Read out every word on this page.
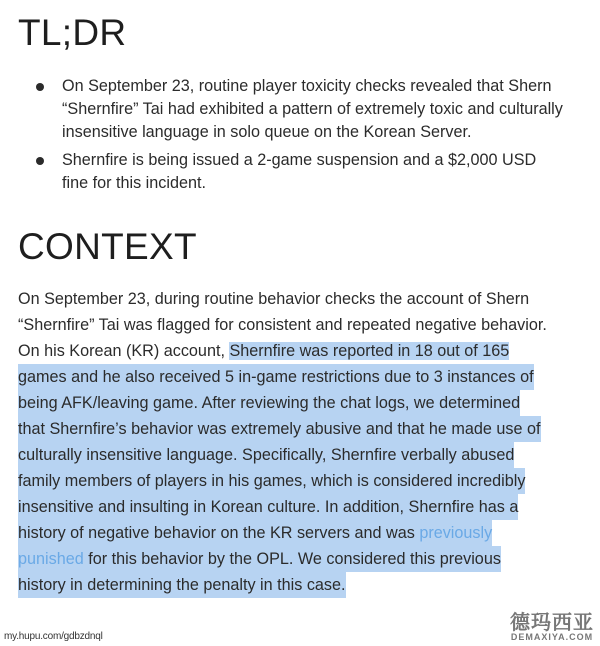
TL;DR
On September 23, routine player toxicity checks revealed that Shern
“Shernfire” Tai had exhibited a pattern of extremely toxic and culturally
insensitive language in solo queue on the Korean Server.
Shernfire is being issued a 2-game suspension and a $2,000 USD
fine for this incident.
CONTEXT
On September 23, during routine behavior checks the account of Shern
“Shernfire” Tai was flagged for consistent and repeated negative behavior.
On his Korean (KR) account, Shernfire was reported in 18 out of 165
games and he also received 5 in-game restrictions due to 3 instances of
being AFK/leaving game. After reviewing the chat logs, we determined
that Shernfire’s behavior was extremely abusive and that he made use of
culturally insensitive language. Specifically, Shernfire verbally abused
family members of players in his games, which is considered incredibly
insensitive and insulting in Korean culture. In addition, Shernfire has a
history of negative behavior on the KR servers and was previously
punished for this behavior by the OPL. We considered this previous
history in determining the penalty in this case.
my.hupu.com/gdbzdnql
德玛西亚
DEMAXIYA.COM
